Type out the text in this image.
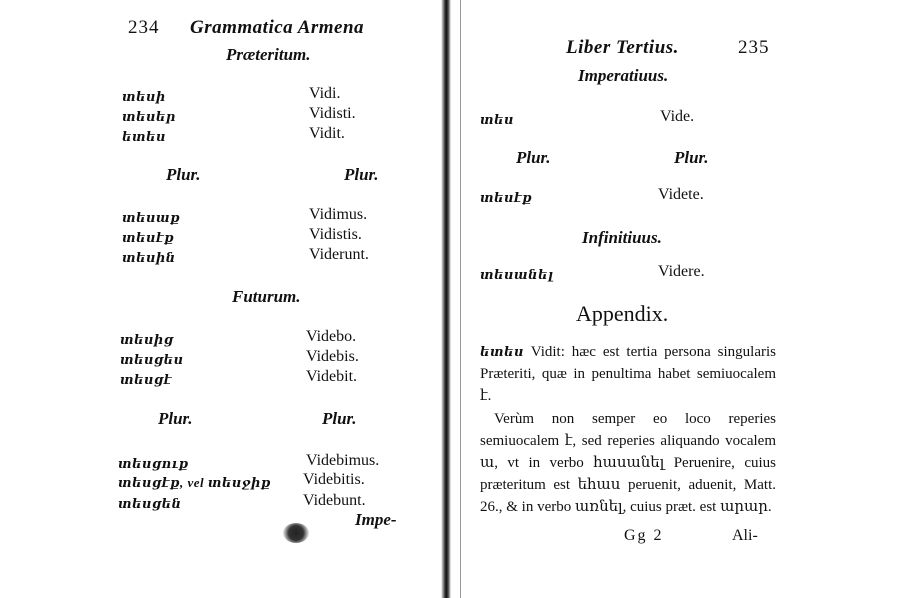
234 Grammatica Armena
Præteritum.
տեսի	Vidi.
տեսեր	Vidisti.
ետես	Vidit.
Plur.	Plur.
տեսաք	Vidimus.
տեսէք	Vidistis.
տեսին	Viderunt.
Futurum.
տեսից	Videbo.
տեսցես	Videbis.
տեսցէ	Videbit.
Plur.	Plur.
տեսցուք	Videbimus.
տեսցէք, vel տեսջիք Videbitis.
տեսցեն	Videbunt.
Impe-
Liber Tertius.	235
Imperatiuus.
տես	Vide.
Plur.	Plur.
տեսէք	Videte.
Infinitiuus.
տեսանել	Videre.
Appendix.
ետես Vidit: hæc est tertia persona singularis Præteriti, quæ in penultima habet semiuocalem է.
Verùm non semper eo loco reperies semiuocalem է, sed reperies aliquando vocalem ա, vt in verbo հասանել Peruenire, cuius præteritum est եհաս peruenit, aduenit, Matt. 26., & in verbo առնել, cuius præt. est արար.
Gg 2	Ali-
